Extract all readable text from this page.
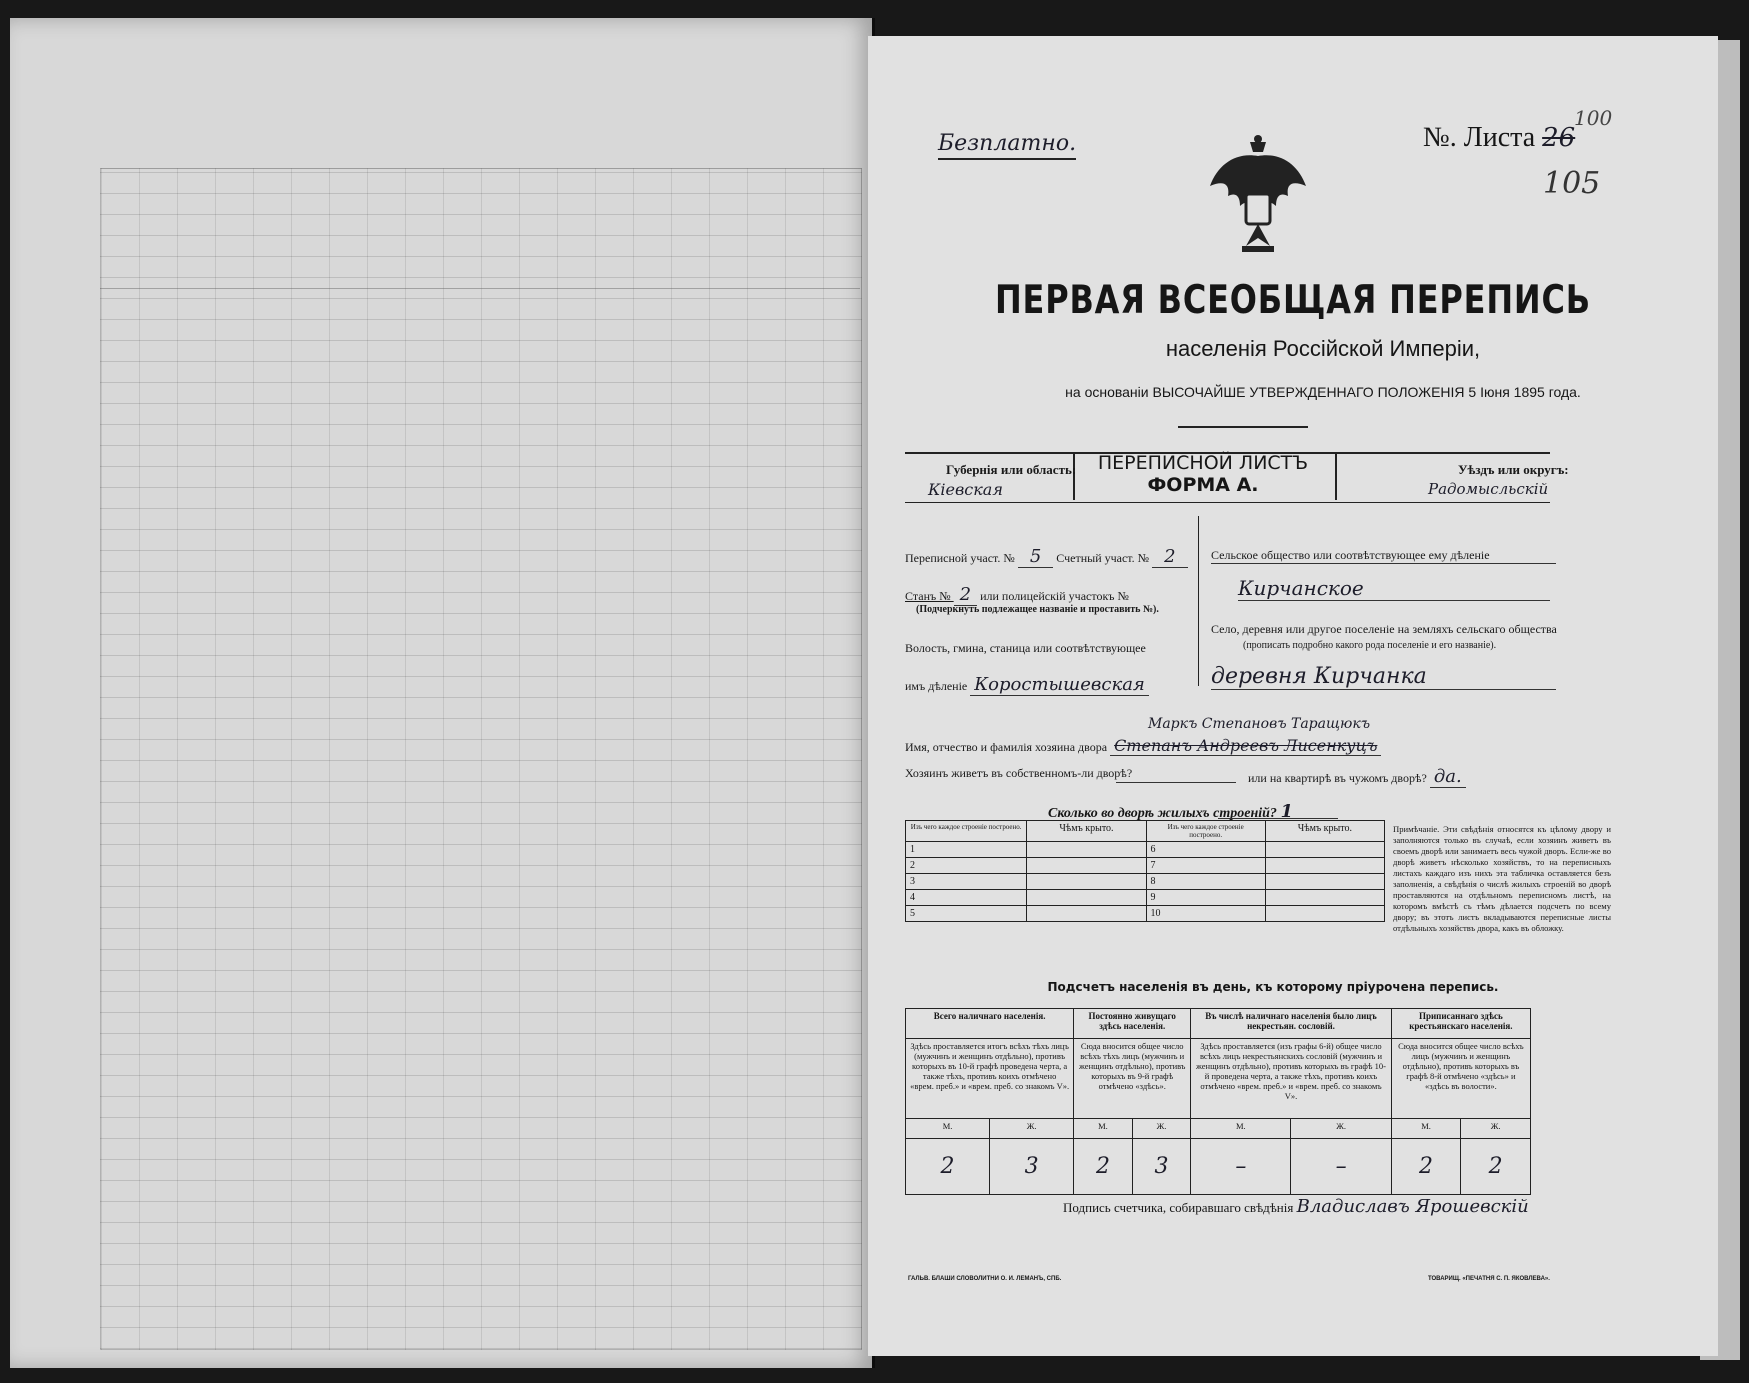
Безплатно.	№. Листа 26
100
105
ПЕРВАЯ ВСЕОБЩАЯ ПЕРЕПИСЬ
населенія Россійской Имперіи,
на основаніи ВЫСОЧАЙШЕ УТВЕРЖДЕННАГО ПОЛОЖЕНІЯ 5 Іюня 1895 года.
ПЕРЕПИСНОЙ ЛИСТЪ
ФОРМА А.
Губернія или область:
Кіевская
Уѣздъ или округъ:
Радомысльскій
Переписной участ. № 5 Счетный участ. № 2
Станъ № 2 или полицейскій участокъ №
(Подчеркнуть подлежащее названіе и проставить №).
Волость, гмина, станица или соотвѣтствующее
имъ дѣленіе Коростышевская
Сельское общество или соотвѣтствующее ему дѣленіе
Кирчанское
Село, деревня или другое поселеніе на земляхъ сельскаго общества
(прописать подробно какого рода поселеніе и его названіе).
деревня Кирчанка
Маркъ Степановъ Таращюкъ
Имя, отчество и фамилія хозяина двора Степанъ Андреевъ Лисенкуцъ
Хозяинъ живетъ въ собственномъ-ли дворѣ?	или на квартирѣ въ чужомъ дворѣ? да.
Сколько во дворѣ жилыхъ строеній? 1
Изъ чего каждое строеніе построено.	Чѣмъ крыто.	Изъ чего каждое строеніе построено.	Чѣмъ крыто.
1		6	
2		7	
3		8	
4		9	
5		10	
Примѣчаніе. Эти свѣдѣнія относятся къ цѣлому двору и заполняются только въ случаѣ, если хозяинъ живетъ въ своемъ дворѣ или занимаетъ весь чужой дворъ. Если-же во дворѣ живетъ нѣсколько хозяйствъ, то на переписныхъ листахъ каждаго изъ нихъ эта табличка оставляется безъ заполненія, а свѣдѣнія о числѣ жилыхъ строеній во дворѣ проставляются на отдѣльномъ переписномъ листѣ, на которомъ вмѣстѣ съ тѣмъ дѣлается подсчетъ по всему двору; въ этотъ листъ вкладываются переписные листы отдѣльныхъ хозяйствъ двора, какъ въ обложку.
Подсчетъ населенія въ день, къ которому пріурочена перепись.
Всего наличнаго населенія.		Постоянно живущаго здѣсь населенія.		Въ числѣ наличнаго населенія было лицъ некрестьян. сословій.		Приписаннаго здѣсь крестьянскаго населенія.	
Здѣсь проставляется итогъ всѣхъ тѣхъ лицъ (мужчинъ и женщинъ отдѣльно), противъ которыхъ въ 10-й графѣ проведена черта, а также тѣхъ, противъ коихъ отмѣчено «врем. преб.» и «врем. преб. со знакомъ V».		Сюда вносится общее число всѣхъ тѣхъ лицъ (мужчинъ и женщинъ отдѣльно), противъ которыхъ въ 9-й графѣ отмѣчено «здѣсь».		Здѣсь проставляется (изъ графы 6-й) общее число всѣхъ лицъ некрестьянскихъ сословій (мужчинъ и женщинъ отдѣльно), противъ которыхъ въ графѣ 10-й проведена черта, а также тѣхъ, противъ коихъ отмѣчено «врем. преб.» и «врем. преб. со знакомъ V».		Сюда вносится общее число всѣхъ лицъ (мужчинъ и женщинъ отдѣльно), противъ которыхъ въ графѣ 8-й отмѣчено «здѣсь» и «здѣсь въ волости».	
М.	Ж.	М.	Ж.	М.	Ж.	М.	Ж.
2	3	2	3	–	–	2	2
Подпись счетчика, собиравшаго свѣдѣнія Владиславъ Ярошевскій
ГАЛЬВ. БЛАШИ СЛОВОЛИТНИ О. И. ЛЕМАНЪ, СПБ.	ТОВАРИЩ. «ПЕЧАТНЯ С. П. ЯКОВЛЕВА».
